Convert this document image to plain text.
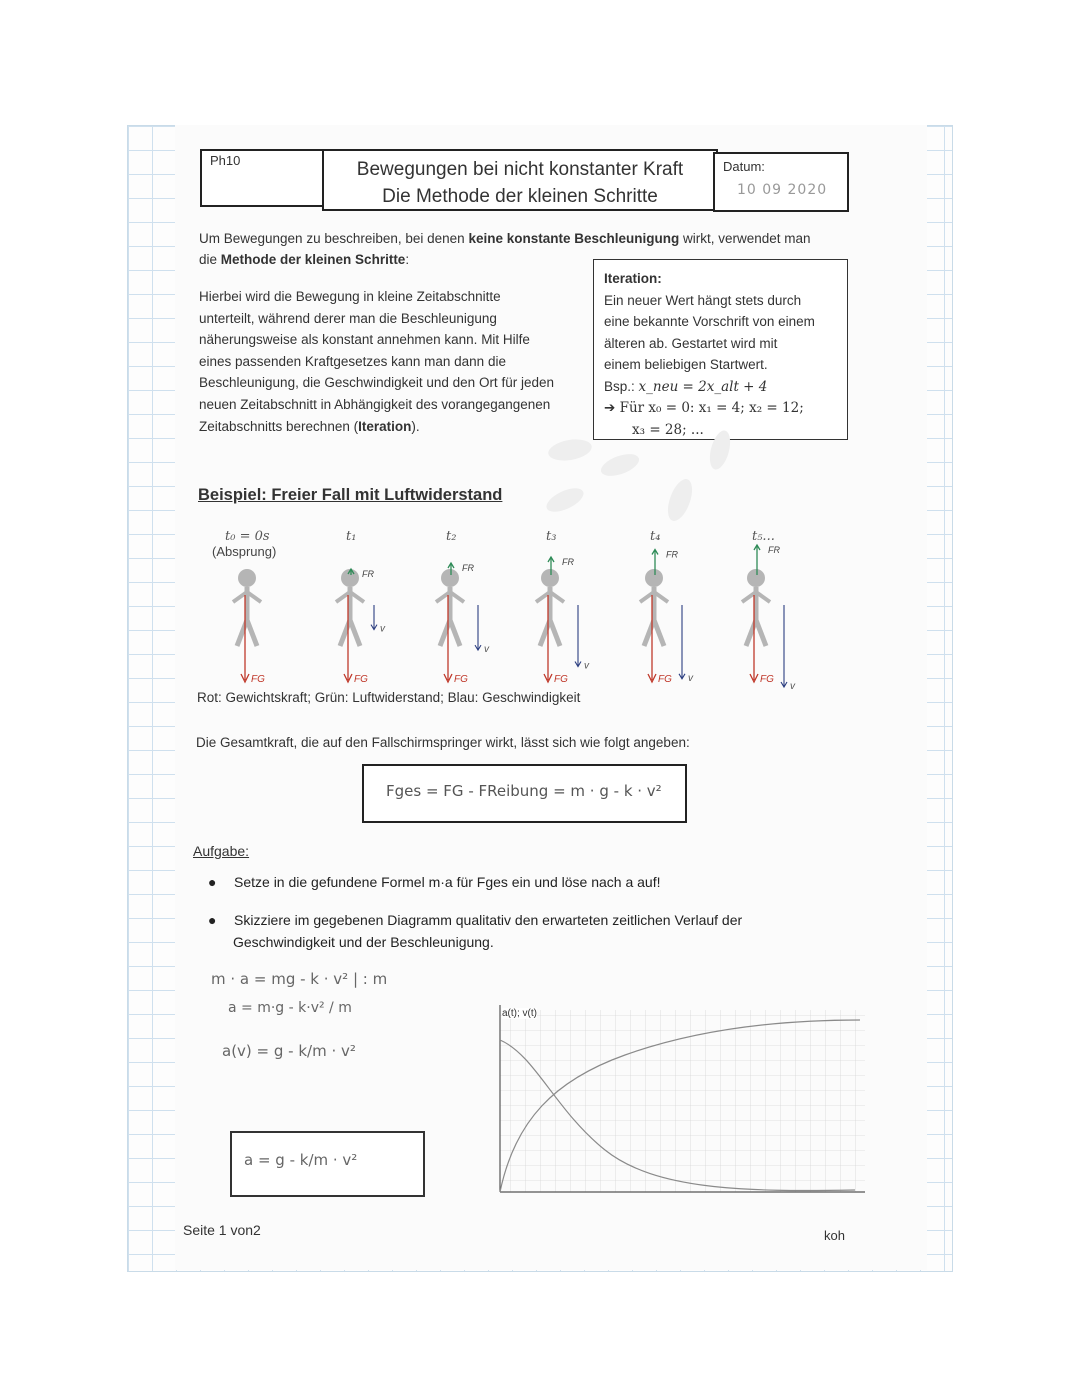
Ph10	Bewegungen bei nicht konstanter Kraft
Die Methode der kleinen Schritte
Datum:
10 09 2020
Um Bewegungen zu beschreiben, bei denen keine konstante Beschleunigung wirkt, verwendet man
die Methode der kleinen Schritte:
Hierbei wird die Bewegung in kleine Zeitabschnitte
unterteilt, während derer man die Beschleunigung
näherungsweise als konstant annehmen kann. Mit Hilfe
eines passenden Kraftgesetzes kann man dann die
Beschleunigung, die Geschwindigkeit und den Ort für jeden
neuen Zeitabschnitt in Abhängigkeit des vorangegangenen
Zeitabschnitts berechnen (Iteration).
Iteration:
Ein neuer Wert hängt stets durch
eine bekannte Vorschrift von einem
älteren ab. Gestartet wird mit
einem beliebigen Startwert.
Bsp.: x_neu = 2x_alt + 4
➔ Für x₀ = 0: x₁ = 4; x₂ = 12;
x₃ = 28; ...
Beispiel: Freier Fall mit Luftwiderstand
t₀ = 0s
FG
t₁
FG
FR
v
t₂
FG
FR
v
t₃
FG
FR
v
t₄
FG
FR
v
t₅...
FG
FR
v
(Absprung)
Rot: Gewichtskraft; Grün: Luftwiderstand; Blau: Geschwindigkeit
Die Gesamtkraft, die auf den Fallschirmspringer wirkt, lässt sich wie folgt angeben:
Fges = FG - FReibung = m · g - k · v²
Aufgabe:
● Setze in die gefundene Formel m·a für Fges ein und löse nach a auf!
● Skizziere im gegebenen Diagramm qualitativ den erwarteten zeitlichen Verlauf der
Geschwindigkeit und der Beschleunigung.
m · a = mg - k · v² | : m
a = m·g - k·v² / m
a(v) = g - k/m · v²
a = g - k/m · v²
a(t); v(t)
Seite 1 von2	koh
